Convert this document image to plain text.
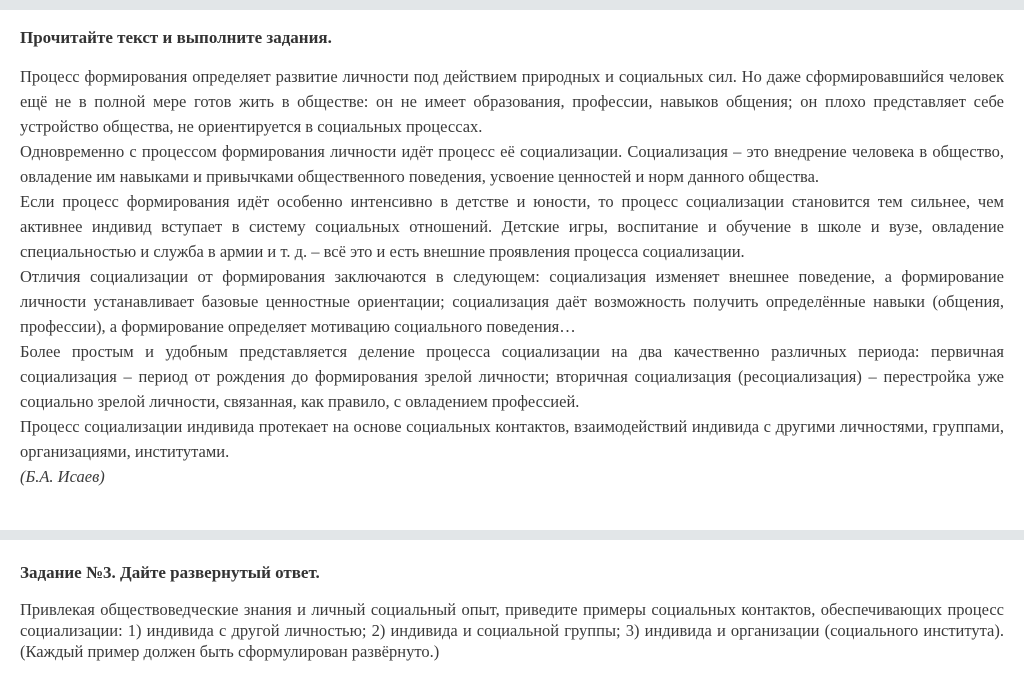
Прочитайте текст и выполните задания.

Процесс формирования определяет развитие личности под действием природных и социальных сил. Но даже сформировавшийся человек ещё не в полной мере готов жить в обществе: он не имеет образования, профессии, навыков общения; он плохо представляет себе устройство общества, не ориентируется в социальных процессах.

Одновременно с процессом формирования личности идёт процесс её социализации. Социализация – это внедрение человека в общество, овладение им навыками и привычками общественного поведения, усвоение ценностей и норм данного общества.

Если процесс формирования идёт особенно интенсивно в детстве и юности, то процесс социализации становится тем сильнее, чем активнее индивид вступает в систему социальных отношений. Детские игры, воспитание и обучение в школе и вузе, овладение специальностью и служба в армии и т. д. – всё это и есть внешние проявления процесса социализации.

Отличия социализации от формирования заключаются в следующем: социализация изменяет внешнее поведение, а формирование личности устанавливает базовые ценностные ориентации; социализация даёт возможность получить определённые навыки (общения, профессии), а формирование определяет мотивацию социального поведения…

Более простым и удобным представляется деление процесса социализации на два качественно различных периода: первичная социализация – период от рождения до формирования зрелой личности; вторичная социализация (ресоциализация) – перестройка уже социально зрелой личности, связанная, как правило, с овладением профессией.

Процесс социализации индивида протекает на основе социальных контактов, взаимодействий индивида с другими личностями, группами, организациями, институтами.

(Б.А. Исаев)

Задание №3. Дайте развернутый ответ.

Привлекая обществоведческие знания и личный социальный опыт, приведите примеры социальных контактов, обеспечивающих процесс социализации: 1) индивида с другой личностью; 2) индивида и социальной группы; 3) индивида и организации (социального института). (Каждый пример должен быть сформулирован развёрнуто.)
